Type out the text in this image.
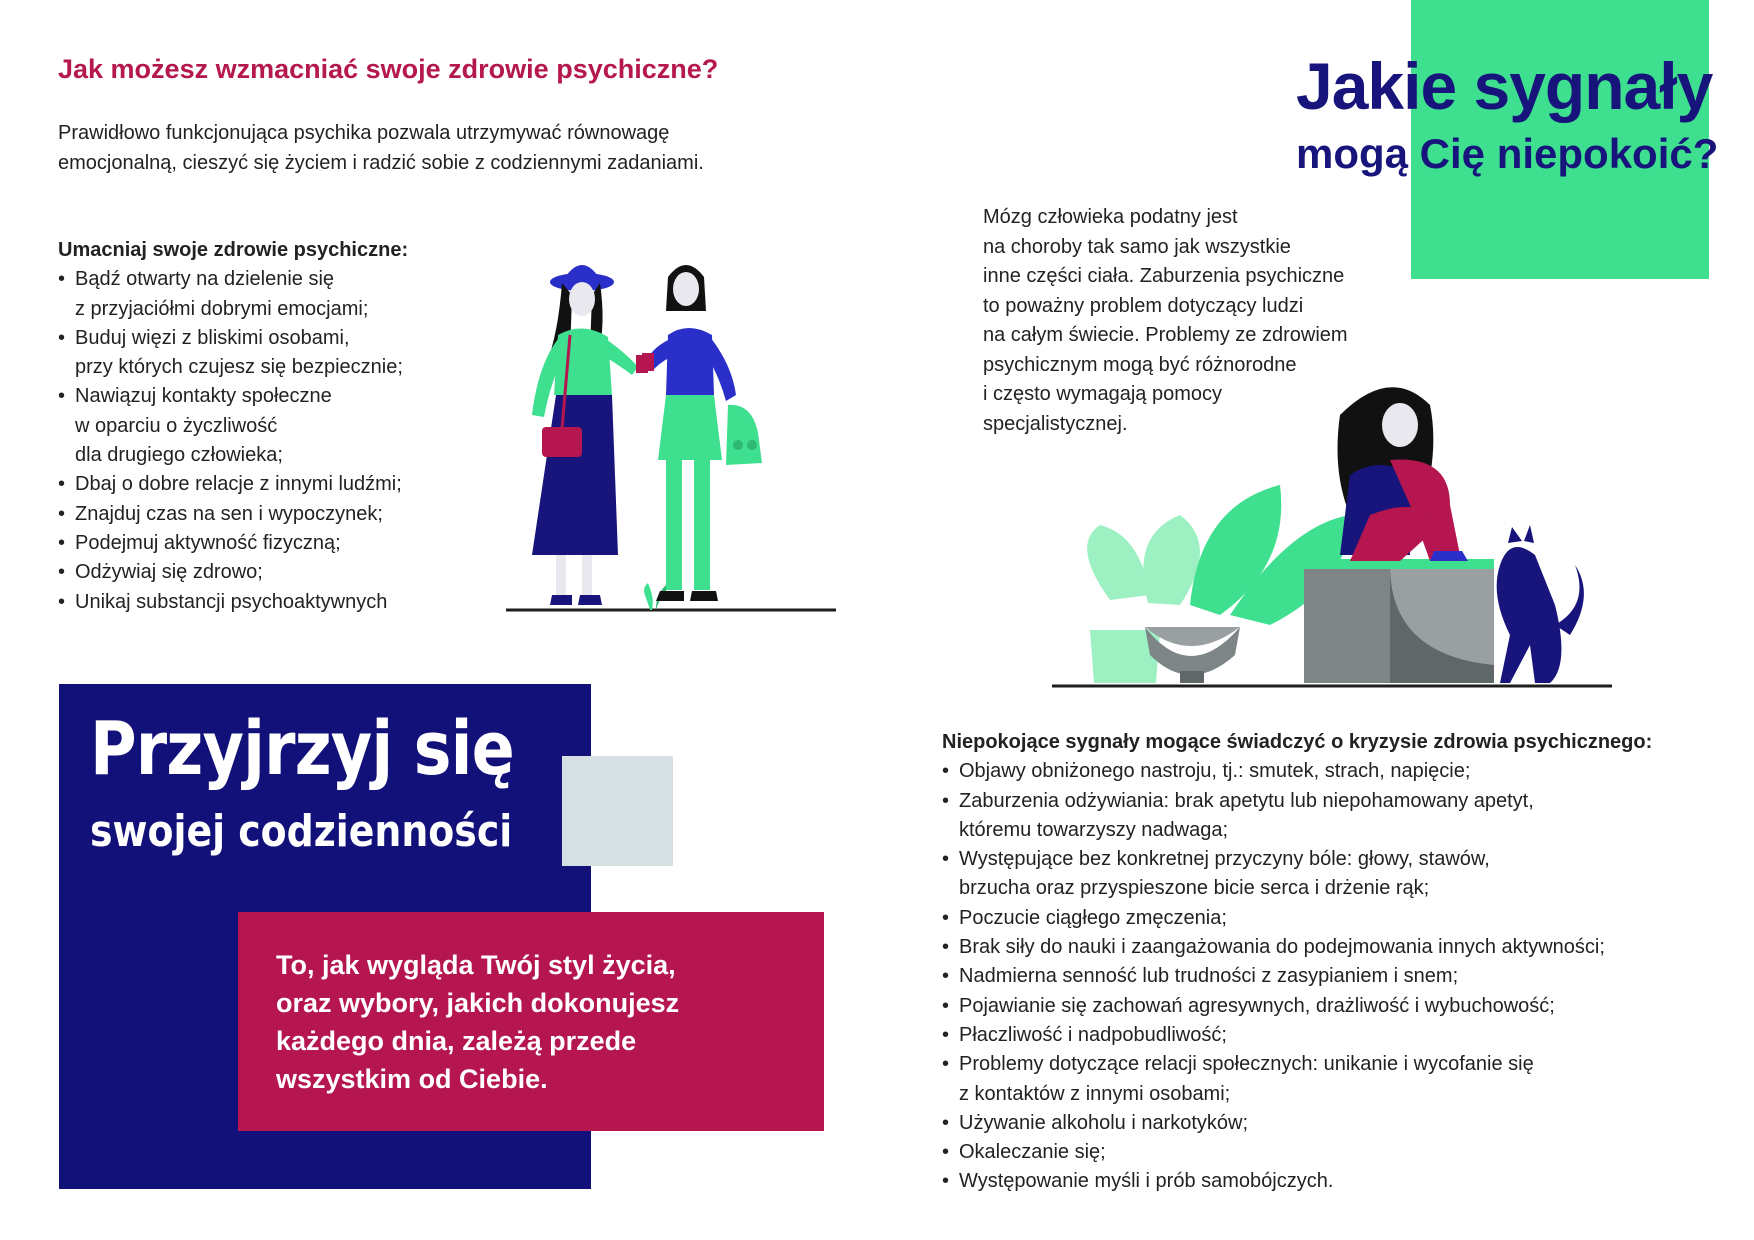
Jak możesz wzmacniać swoje zdrowie psychiczne?
Prawidłowo funkcjonująca psychika pozwala utrzymywać równowagę
emocjonalną, cieszyć się życiem i radzić sobie z codziennymi zadaniami.
Umacniaj swoje zdrowie psychiczne:
• Bądź otwarty na dzielenie się
z przyjaciółmi dobrymi emocjami;
• Buduj więzi z bliskimi osobami,
przy których czujesz się bezpiecznie;
• Nawiązuj kontakty społeczne
w oparciu o życzliwość
dla drugiego człowieka;
• Dbaj o dobre relacje z innymi ludźmi;
• Znajduj czas na sen i wypoczynek;
• Podejmuj aktywność fizyczną;
• Odżywiaj się zdrowo;
• Unikaj substancji psychoaktywnych
Jakie sygnały
mogą Cię niepokoić?
Mózg człowieka podatny jest
na choroby tak samo jak wszystkie
inne części ciała. Zaburzenia psychiczne
to poważny problem dotyczący ludzi
na całym świecie. Problemy ze zdrowiem
psychicznym mogą być różnorodne
i często wymagają pomocy
specjalistycznej.
Przyjrzyj się
swojej codzienności
To, jak wygląda Twój styl życia,
oraz wybory, jakich dokonujesz
każdego dnia, zależą przede
wszystkim od Ciebie.
Niepokojące sygnały mogące świadczyć o kryzysie zdrowia psychicznego:
• Objawy obniżonego nastroju, tj.: smutek, strach, napięcie;
• Zaburzenia odżywiania: brak apetytu lub niepohamowany apetyt,
któremu towarzyszy nadwaga;
• Występujące bez konkretnej przyczyny bóle: głowy, stawów,
brzucha oraz przyspieszone bicie serca i drżenie rąk;
• Poczucie ciągłego zmęczenia;
• Brak siły do nauki i zaangażowania do podejmowania innych aktywności;
• Nadmierna senność lub trudności z zasypianiem i snem;
• Pojawianie się zachowań agresywnych, drażliwość i wybuchowość;
• Płaczliwość i nadpobudliwość;
• Problemy dotyczące relacji społecznych: unikanie i wycofanie się
z kontaktów z innymi osobami;
• Używanie alkoholu i narkotyków;
• Okaleczanie się;
• Występowanie myśli i prób samobójczych.
